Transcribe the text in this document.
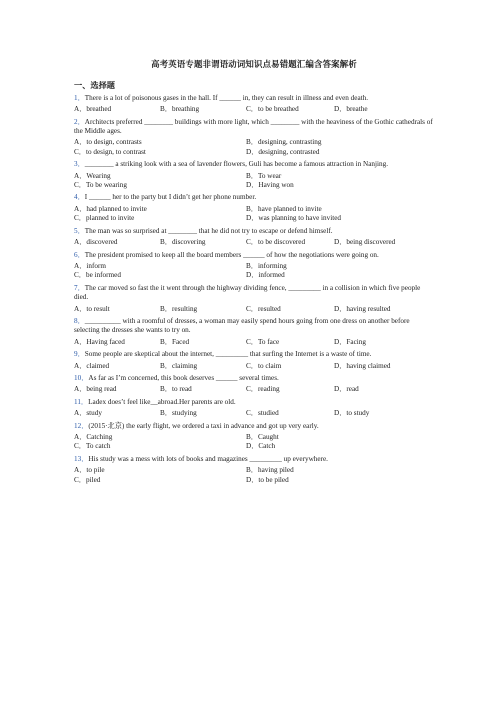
高考英语专题非谓语动词知识点易错题汇编含答案解析
一、选择题
1．There is a lot of poisonous gases in the hall. If ______ in, they can result in illness and even death.
A．breathed	B．breathing	C．to be breathed	D．breathe
2．Architects preferred ________ buildings with more light, which ________ with the heaviness of the Gothic cathedrals of the Middle ages.
A．to design, contrasts	B．designing, contrasting
C．to design, to contrast	D．designing, contrasted
3．________ a striking look with a sea of lavender flowers, Guli has become a famous attraction in Nanjing.
A．Wearing	B．To wear
C．To be wearing	D．Having won
4．I ______ her to the party but I didn’t get her phone number.
A．had planned to invite	B．have planned to invite
C．planned to invite	D．was planning to have invited
5．The man was so surprised at ________ that he did not try to escape or defend himself.
A．discovered	B．discovering	C．to be discovered	D．being discovered
6．The president promised to keep all the board members ______ of how the negotiations were going on.
A．inform	B．informing
C．be informed	D．informed
7．The car moved so fast the it went through the highway dividing fence, _________ in a collision in which five people died.
A．to result	B．resulting	C．resulted	D．having resulted
8．__________ with a roomful of dresses, a woman may easily spend hours going from one dress on another before selecting the dresses she wants to try on.
A．Having faced	B．Faced	C．To face	D．Facing
9．Some people are skeptical about the internet, _________ that surfing the Internet is a waste of time.
A．claimed	B．claiming	C．to claim	D．having claimed
10．As far as I’m concerned, this book deserves ______ several times.
A．being read	B．to read	C．reading	D．read
11．Ladex does’t feel like__abroad.Her parents are old.
A．study	B．studying	C．studied	D．to study
12．(2015·北京) the early flight, we ordered a taxi in advance and got up very early.
A．Catching	B．Caught
C．To catch	D．Catch
13．His study was a mess with lots of books and magazines _________ up everywhere.
A．to pile	B．having piled
C．piled	D．to be piled
